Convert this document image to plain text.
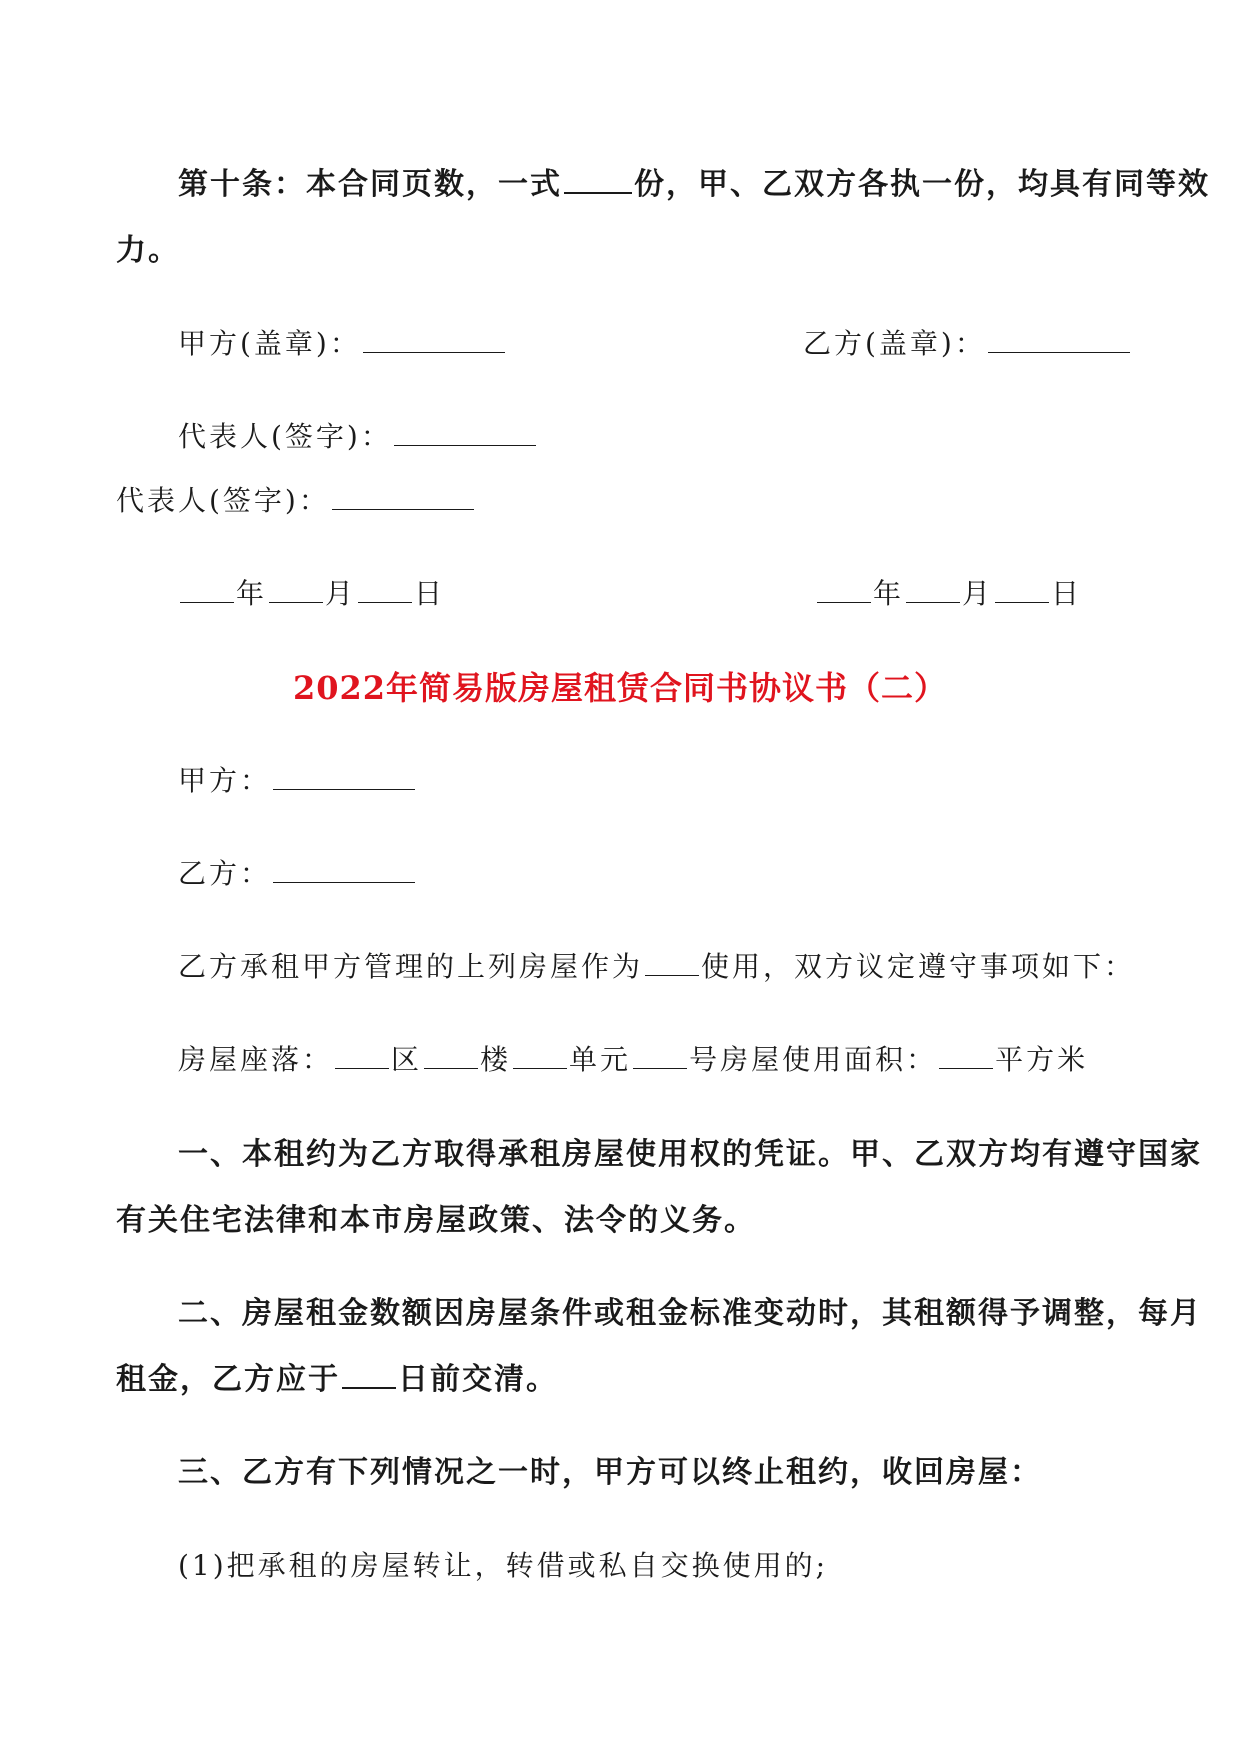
第十条：本合同页数，一式 份，甲、乙双方各执一份，均具有同等效
力。
甲方(盖章)：	乙方(盖章)：
代表人(签字)：
代表人(签字)：
年 月 日	年 月 日
2022年简易版房屋租赁合同书协议书（二）
甲方：
乙方：
乙方承租甲方管理的上列房屋作为 使用，双方议定遵守事项如下：
房屋座落： 区 楼 单元 号房屋使用面积： 平方米
一、本租约为乙方取得承租房屋使用权的凭证。甲、乙双方均有遵守国家
有关住宅法律和本市房屋政策、法令的义务。
二、房屋租金数额因房屋条件或租金标准变动时，其租额得予调整，每月
租金，乙方应于 日前交清。
三、乙方有下列情况之一时，甲方可以终止租约，收回房屋：
(1)把承租的房屋转让，转借或私自交换使用的;
